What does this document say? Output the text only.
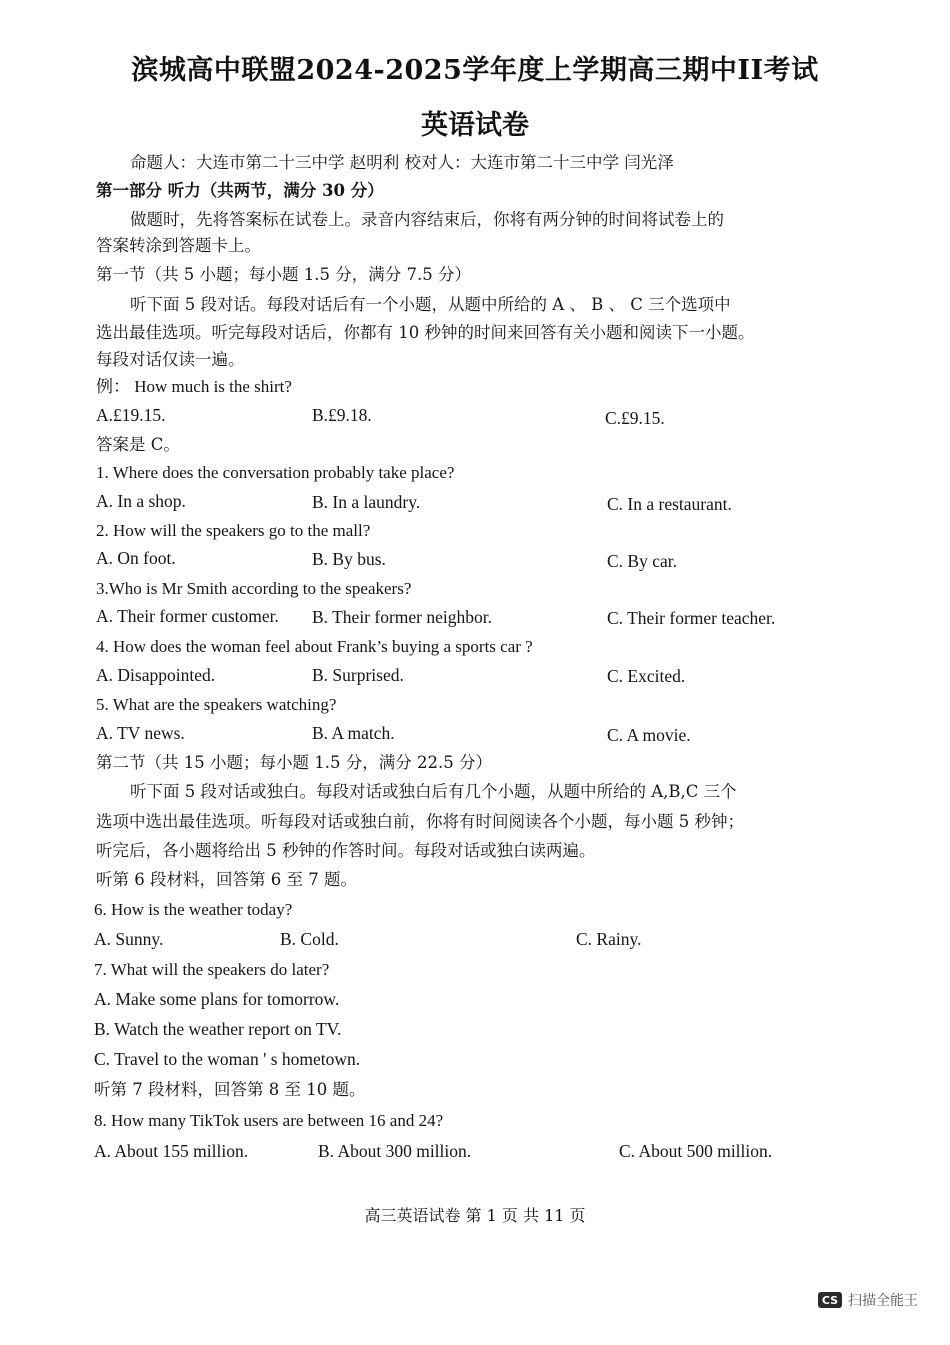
滨城高中联盟2024-2025学年度上学期高三期中II考试
英语试卷
命题人：大连市第二十三中学 赵明利 校对人：大连市第二十三中学 闫光泽
第一部分 听力（共两节，满分 30 分）
做题时，先将答案标在试卷上。录音内容结束后，你将有两分钟的时间将试卷上的
答案转涂到答题卡上。
第一节（共 5 小题；每小题 1.5 分，满分 7.5 分）
听下面 5 段对话。每段对话后有一个小题，从题中所给的 A 、 B 、 C 三个选项中
选出最佳选项。听完每段对话后，你都有 10 秒钟的时间来回答有关小题和阅读下一小题。
每段对话仅读一遍。
例： How much is the shirt?
A.£19.15.	B.£9.18.	C.£9.15.
答案是 C。
1. Where does the conversation probably take place?
A. In a shop.	B. In a laundry.	C. In a restaurant.
2. How will the speakers go to the mall?
A. On foot.	B. By bus.	C. By car.
3.Who is Mr Smith according to the speakers?
A. Their former customer. B. Their former neighbor.	C. Their former teacher.
4. How does the woman feel about Frank’s buying a sports car ?
A. Disappointed.	B. Surprised.	C. Excited.
5. What are the speakers watching?
A. TV news.	B. A match.	C. A movie.
第二节（共 15 小题；每小题 1.5 分，满分 22.5 分）
听下面 5 段对话或独白。每段对话或独白后有几个小题，从题中所给的 A,B,C 三个
选项中选出最佳选项。听每段对话或独白前，你将有时间阅读各个小题，每小题 5 秒钟；
听完后，各小题将给出 5 秒钟的作答时间。每段对话或独白读两遍。
听第 6 段材料，回答第 6 至 7 题。
6. How is the weather today?
A. Sunny.	B. Cold.	C. Rainy.
7. What will the speakers do later?
A. Make some plans for tomorrow.
B. Watch the weather report on TV.
C. Travel to the woman ' s hometown.
听第 7 段材料，回答第 8 至 10 题。
8. How many TikTok users are between 16 and 24?
A. About 155 million.	B. About 300 million.	C. About 500 million.
高三英语试卷 第 1 页 共 11 页
CS 扫描全能王
